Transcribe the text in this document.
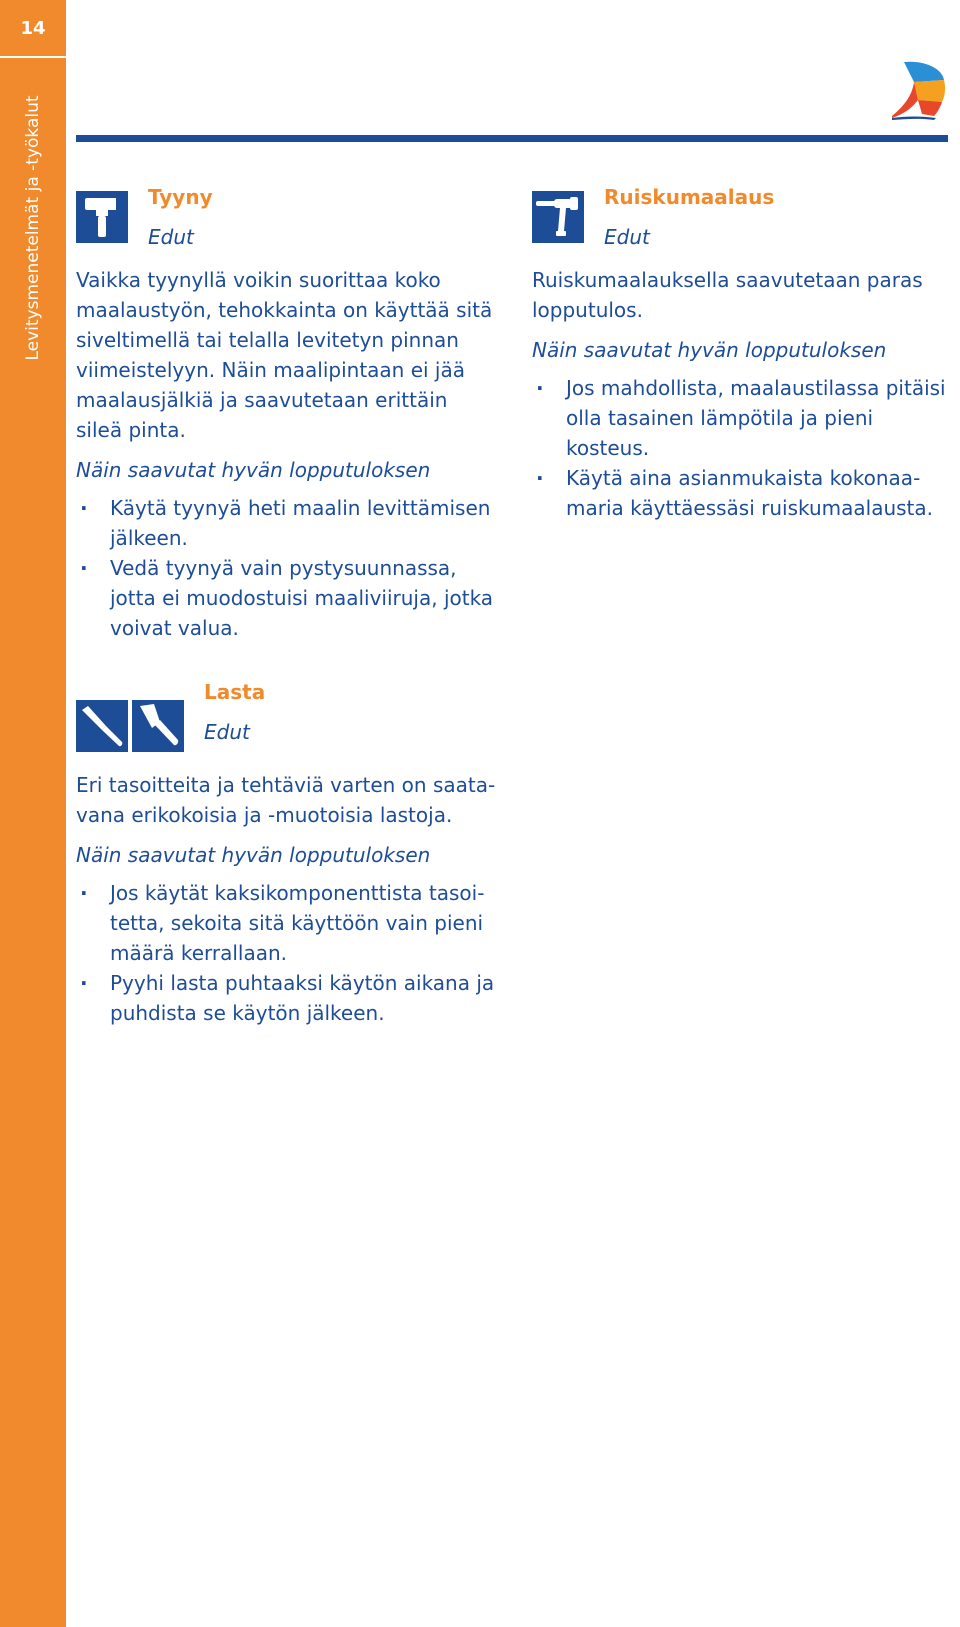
14
Levitysmenetelmät ja -työkalut	Tyyny
Edut

Vaikka tyynyllä voikin suorittaa koko maalaustyön, tehokkainta on käyttää sitä siveltimellä tai telalla levitetyn pinnan viimeistelyyn. Näin maalipintaan ei jää maalausjälkiä ja saavutetaan erittäin sileä pinta.

Näin saavutat hyvän lopputuloksen

· Käytä tyynyä heti maalin levittämisen jälkeen.
· Vedä tyynyä vain pystysuunnassa, jotta ei muodostuisi maaliviiruja, jotka voivat valua.
Ruiskumaalaus
Edut

Ruiskumaalauksella saavutetaan paras lopputulos.

Näin saavutat hyvän lopputuloksen

· Jos mahdollista, maalaustilassa pitäisi olla tasainen lämpötila ja pieni kosteus.
· Käytä aina asianmukaista kokonaamaria käyttäessäsi ruiskumaalausta.
Lasta
Edut

Eri tasoitteita ja tehtäviä varten on saatavana erikokoisia ja -muotoisia lastoja.

Näin saavutat hyvän lopputuloksen

· Jos käytät kaksikomponenttista tasoitetta, sekoita sitä käyttöön vain pieni määrä kerrallaan.
· Pyyhi lasta puhtaaksi käytön aikana ja puhdista se käytön jälkeen.
